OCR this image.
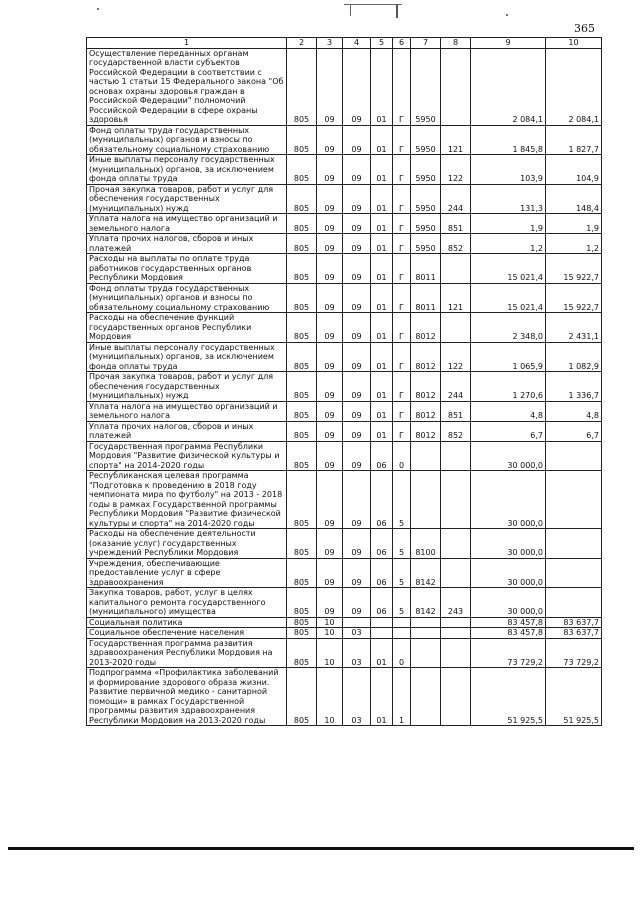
365
1	2	3	4	5	6	7	8	9	10
Осуществление переданных органам государственной власти субъектов Российской Федерации в соответствии с частью 1 статьи 15 Федерального закона "Об основах охраны здоровья граждан в Российской Федерации" полномочий Российской Федерации в сфере охраны здоровья	805	09	09	01	Г	5950		2 084,1	2 084,1
Фонд оплаты труда государственных (муниципальных) органов и взносы по обязательному социальному страхованию	805	09	09	01	Г	5950	121	1 845,8	1 827,7
Иные выплаты персоналу государственных (муниципальных) органов, за исключением фонда оплаты труда	805	09	09	01	Г	5950	122	103,9	104,9
Прочая закупка товаров, работ и услуг для обеспечения государственных (муниципальных) нужд	805	09	09	01	Г	5950	244	131,3	148,4
Уплата налога на имущество организаций и земельного налога	805	09	09	01	Г	5950	851	1,9	1,9
Уплата прочих налогов, сборов и иных платежей	805	09	09	01	Г	5950	852	1,2	1,2
Расходы на выплаты по оплате труда работников государственных органов Республики Мордовия	805	09	09	01	Г	8011		15 021,4	15 922,7
Фонд оплаты труда государственных (муниципальных) органов и взносы по обязательному социальному страхованию	805	09	09	01	Г	8011	121	15 021,4	15 922,7
Расходы на обеспечение функций государственных органов Республики Мордовия	805	09	09	01	Г	8012		2 348,0	2 431,1
Иные выплаты персоналу государственных (муниципальных) органов, за исключением фонда оплаты труда	805	09	09	01	Г	8012	122	1 065,9	1 082,9
Прочая закупка товаров, работ и услуг для обеспечения государственных (муниципальных) нужд	805	09	09	01	Г	8012	244	1 270,6	1 336,7
Уплата налога на имущество организаций и земельного налога	805	09	09	01	Г	8012	851	4,8	4,8
Уплата прочих налогов, сборов и иных платежей	805	09	09	01	Г	8012	852	6,7	6,7
Государственная программа Республики Мордовия "Развитие физической культуры и спорта" на 2014-2020 годы	805	09	09	06	0			30 000,0	
Республиканская целевая программа "Подготовка к проведению в 2018 году чемпионата мира по футболу" на 2013 - 2018 годы в рамках Государственной программы Республики Мордовия "Развитие физической культуры и спорта" на 2014-2020 годы	805	09	09	06	5			30 000,0	
Расходы на обеспечение деятельности (оказание услуг) государственных учреждений Республики Мордовия	805	09	09	06	5	8100		30 000,0	
Учреждения, обеспечивающие предоставление услуг в сфере здравоохранения	805	09	09	06	5	8142		30 000,0	
Закупка товаров, работ, услуг в целях капитального ремонта государственного (муниципального) имущества	805	09	09	06	5	8142	243	30 000,0	
Социальная политика	805	10						83 457,8	83 637,7
Социальное обеспечение населения	805	10	03					83 457,8	83 637,7
Государственная программа развития здравоохранения Республики Мордовия на 2013-2020 годы	805	10	03	01	0			73 729,2	73 729,2
Подпрограмма «Профилактика заболеваний и формирование здорового образа жизни. Развитие первичной медико - санитарной помощи» в рамках Государственной программы развития здравоохранения Республики Мордовия на 2013-2020 годы	805	10	03	01	1			51 925,5	51 925,5
